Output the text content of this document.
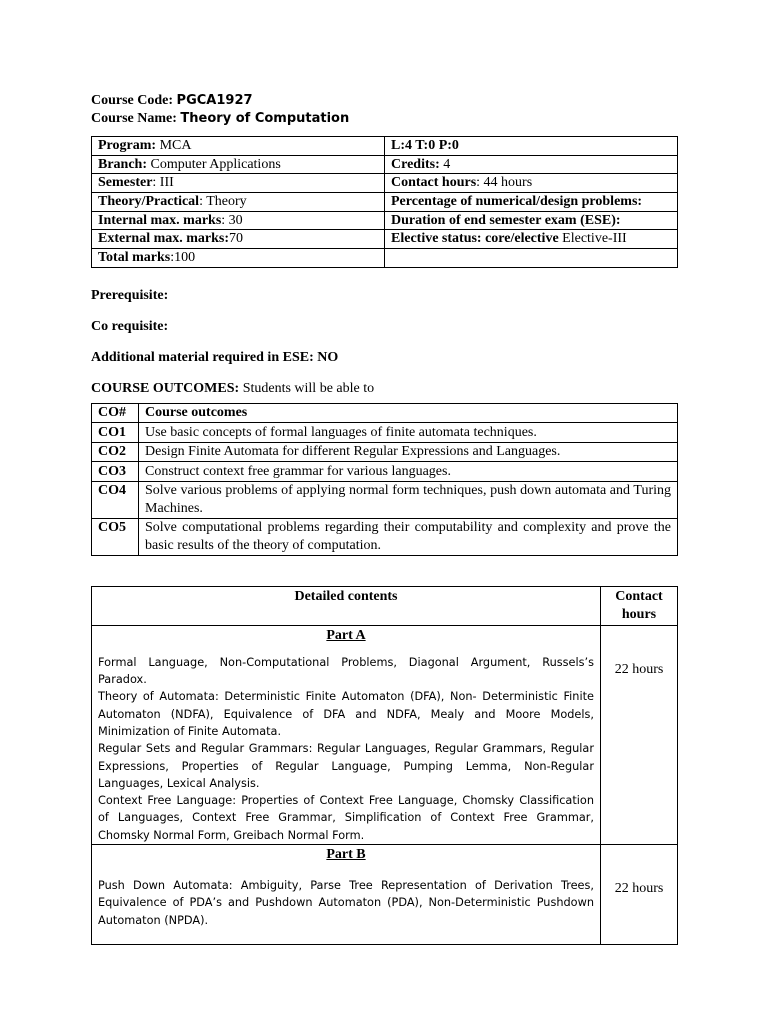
Course Code: PGCA1927
Course Name: Theory of Computation
Program: MCA	L:4 T:0 P:0
Branch: Computer Applications	Credits: 4
Semester: III	Contact hours: 44 hours
Theory/Practical: Theory	Percentage of numerical/design problems:
Internal max. marks: 30	Duration of end semester exam (ESE):
External max. marks:70	Elective status: core/elective Elective-III
Total marks:100	

Prerequisite:

Co requisite:

Additional material required in ESE: NO

COURSE OUTCOMES: Students will be able to

CO#	Course outcomes
CO1	Use basic concepts of formal languages of finite automata techniques.
CO2	Design Finite Automata for different Regular Expressions and Languages.
CO3	Construct context free grammar for various languages.
CO4	Solve various problems of applying normal form techniques, push down automata and Turing Machines.
CO5	Solve computational problems regarding their computability and complexity and prove the basic results of the theory of computation.
Detailed contents	Contact hours

Part A

Formal Language, Non-Computational Problems, Diagonal Argument, Russels’s Paradox.

Theory of Automata: Deterministic Finite Automaton (DFA), Non- Deterministic Finite Automaton (NDFA), Equivalence of DFA and NDFA, Mealy and Moore Models, Minimization of Finite Automata.

Regular Sets and Regular Grammars: Regular Languages, Regular Grammars, Regular Expressions, Properties of Regular Language, Pumping Lemma, Non-Regular Languages, Lexical Analysis.

Context Free Language: Properties of Context Free Language, Chomsky Classification of Languages, Context Free Grammar, Simplification of Context Free Grammar, Chomsky Normal Form, Greibach Normal Form.	22 hours

Part B

Push Down Automata: Ambiguity, Parse Tree Representation of Derivation Trees, Equivalence of PDA’s and Pushdown Automaton (PDA), Non-Deterministic Pushdown Automaton (NPDA).	22 hours
